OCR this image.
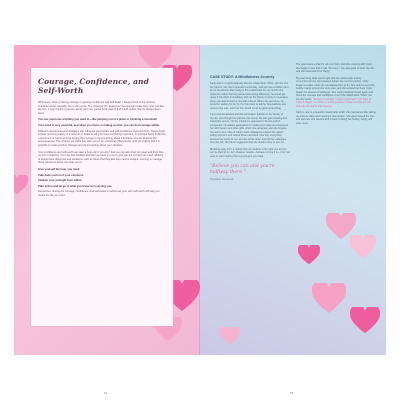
Courage, Confidence, and Self-Worth

Whenever I think of having courage or gaining confidence and self-belief, I always think of the rainbow character at the cowardly lion in the movie. The wizard of Oz. Everyone has courage inside them and, just like the lion, it may require a journey along your own yellow brick road to find it and realize that it's always been there.

You can overcome anything you want to—like jumping out of a plane or climbing a mountain!

Your mind is very powerful, and when you focus on taking control, you can find courage within.

Different experiences and situations can influence your beliefs and self-confidence if you let them. These might include not being happy in a new job or afraid to tell your boss something important, or perhaps being bullied by a loved one or friend and not having the courage to do something about it because you are afraid of the consequences. The choices we make can take you on an emotional rollercoaster, until you realize that it is possible to make positive changes and do something about your situation.

Your confidence and self-worth can take a huge dip if you don't feel you can ask what you need and think that no one is listening. You may feel belittled and that you have no one to give you the comfort you need. Millions of people face dilemmas and situations such as these that they feel they cannot escape, learning to manage these situations better can help you to:

Give yourself the love, you need.

Take back control of your emotions.

Awaken your strength from within.

Take action and let go of what you know isn't serving you.

Remember, finding the courage, confidence, and self-belief to rediscover your own self-worth will help you create the life you want.

CASE STUDY: A Mindfulness Journey

Carly was in a psychologically abusive relationship. When she first met her partner, she had a beautiful personality, and she was confident and fun to be around. After being in this relationship for six months she started to notice that her partner was acting differently; he would get upset if she didn't immediately pick up the phone or reply to messages when she was at work or out with a friend. When she got home, he would be waiting for her by the front door to tell her how pathetic and useless she was, and how she would never be good at anything.

Carly was devastated and this accusation that fell on her family, or friends, who thought her partner was lovely. He was good-looking and financially secure. On the outside he appeared to be the perfect companion. He always apologized for treating her badly and showered her with flowers and other gifts, which she accepted, and she forgave him every time. One of Carly's work colleagues noticed she wasn't eating anymore and looked drawn and tired. One day, everything became too much for her and she broke down and told her colleague how she felt. Her friend suggested that she should come to see me.

Breaking away from a relationship you believe is the right one for you can be hard to do. For whatever reason—however wrong it is—it isn't as easy to start treating that everything is your fault.

"Believe you can and you're halfway there."

Theodore Roosevelt

The good news is that it's not your fault, and after working with Carly, she began to see that it was "his issue"; she was good at what she did and she deserved to be happy.

By examining what wasn't right with the relationship and by remembering how she behaved before she met her partner, Carly began to realize what she had allowed him to do. She rediscovered the bubbly, happy person she once was, and she worked her back. Carly began the process of letting go. She started looking inward again and found the courage and confidence to end the relationship. When you say the words, "Enough is enough. I want my life back!" you have to mean it. Begin your future in a truly positive mindset so that you can truly say the words with intention.

Carly is now in a beautiful relationship which she maintained after taking up a dance class and meeting a new person. She gave herself the love and self-care she needed and is back to being her bubbly, happy self once more.

54	55
